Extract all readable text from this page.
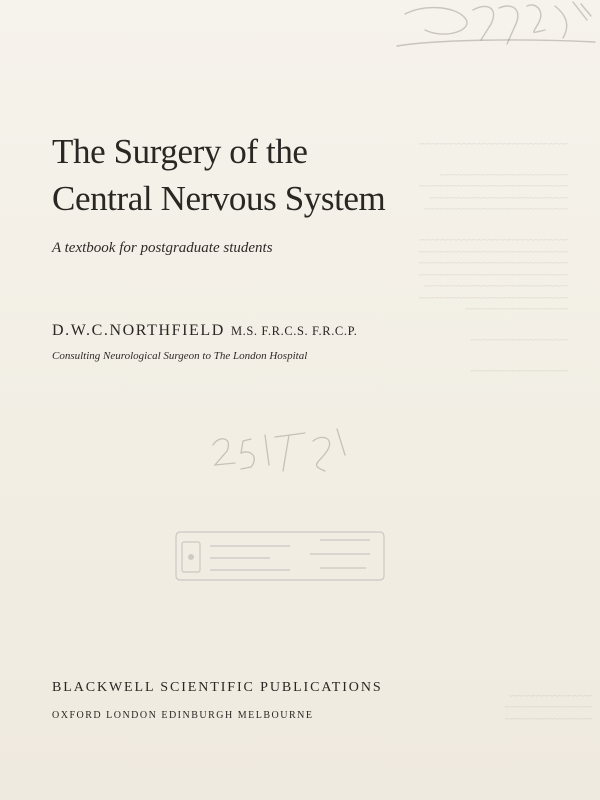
~~~~~~~~~~~~~~~~~~~~~~~~~~~~~

~~~~~~~~~~~~~~~~~~~~~~~~~
~~~~~~~~~~~~~~~~~~~~~~~~~~~~~
~~~~~~~~~~~~~~~~~~~~~~~~~~~
~~~~~~~~~~~~~~~~~~~~~~~~~~~~

~~~~~~~~~~~~~~~~~~~~~~~~~~~~~
~~~~~~~~~~~~~~~~~~~~~~~~~~~~~
~~~~~~~~~~~~~~~~~~~~~~~~~~~~~
~~~~~~~~~~~~~~~~~~~~~~~~~~~~~
~~~~~~~~~~~~~~~~~~~~~~~~~~~~
~~~~~~~~~~~~~~~~~~~~~~~~~~~~~
~~~~~~~~~~~~~~~~~~~~

~~~~~~~~~~~~~~~~~~~

~~~~~~~~~~~~~~~~~~~

~~~~~~~~~~~~~~~~
~~~~~~~~~~~~~~~~~
~~~~~~~~~~~~~~~~~

The Surgery of the
Central Nervous System

A textbook for postgraduate students

D.W.C.NORTHFIELD M.S. F.R.C.S. F.R.C.P.

Consulting Neurological Surgeon to The London Hospital

BLACKWELL SCIENTIFIC PUBLICATIONS

OXFORD LONDON EDINBURGH MELBOURNE
